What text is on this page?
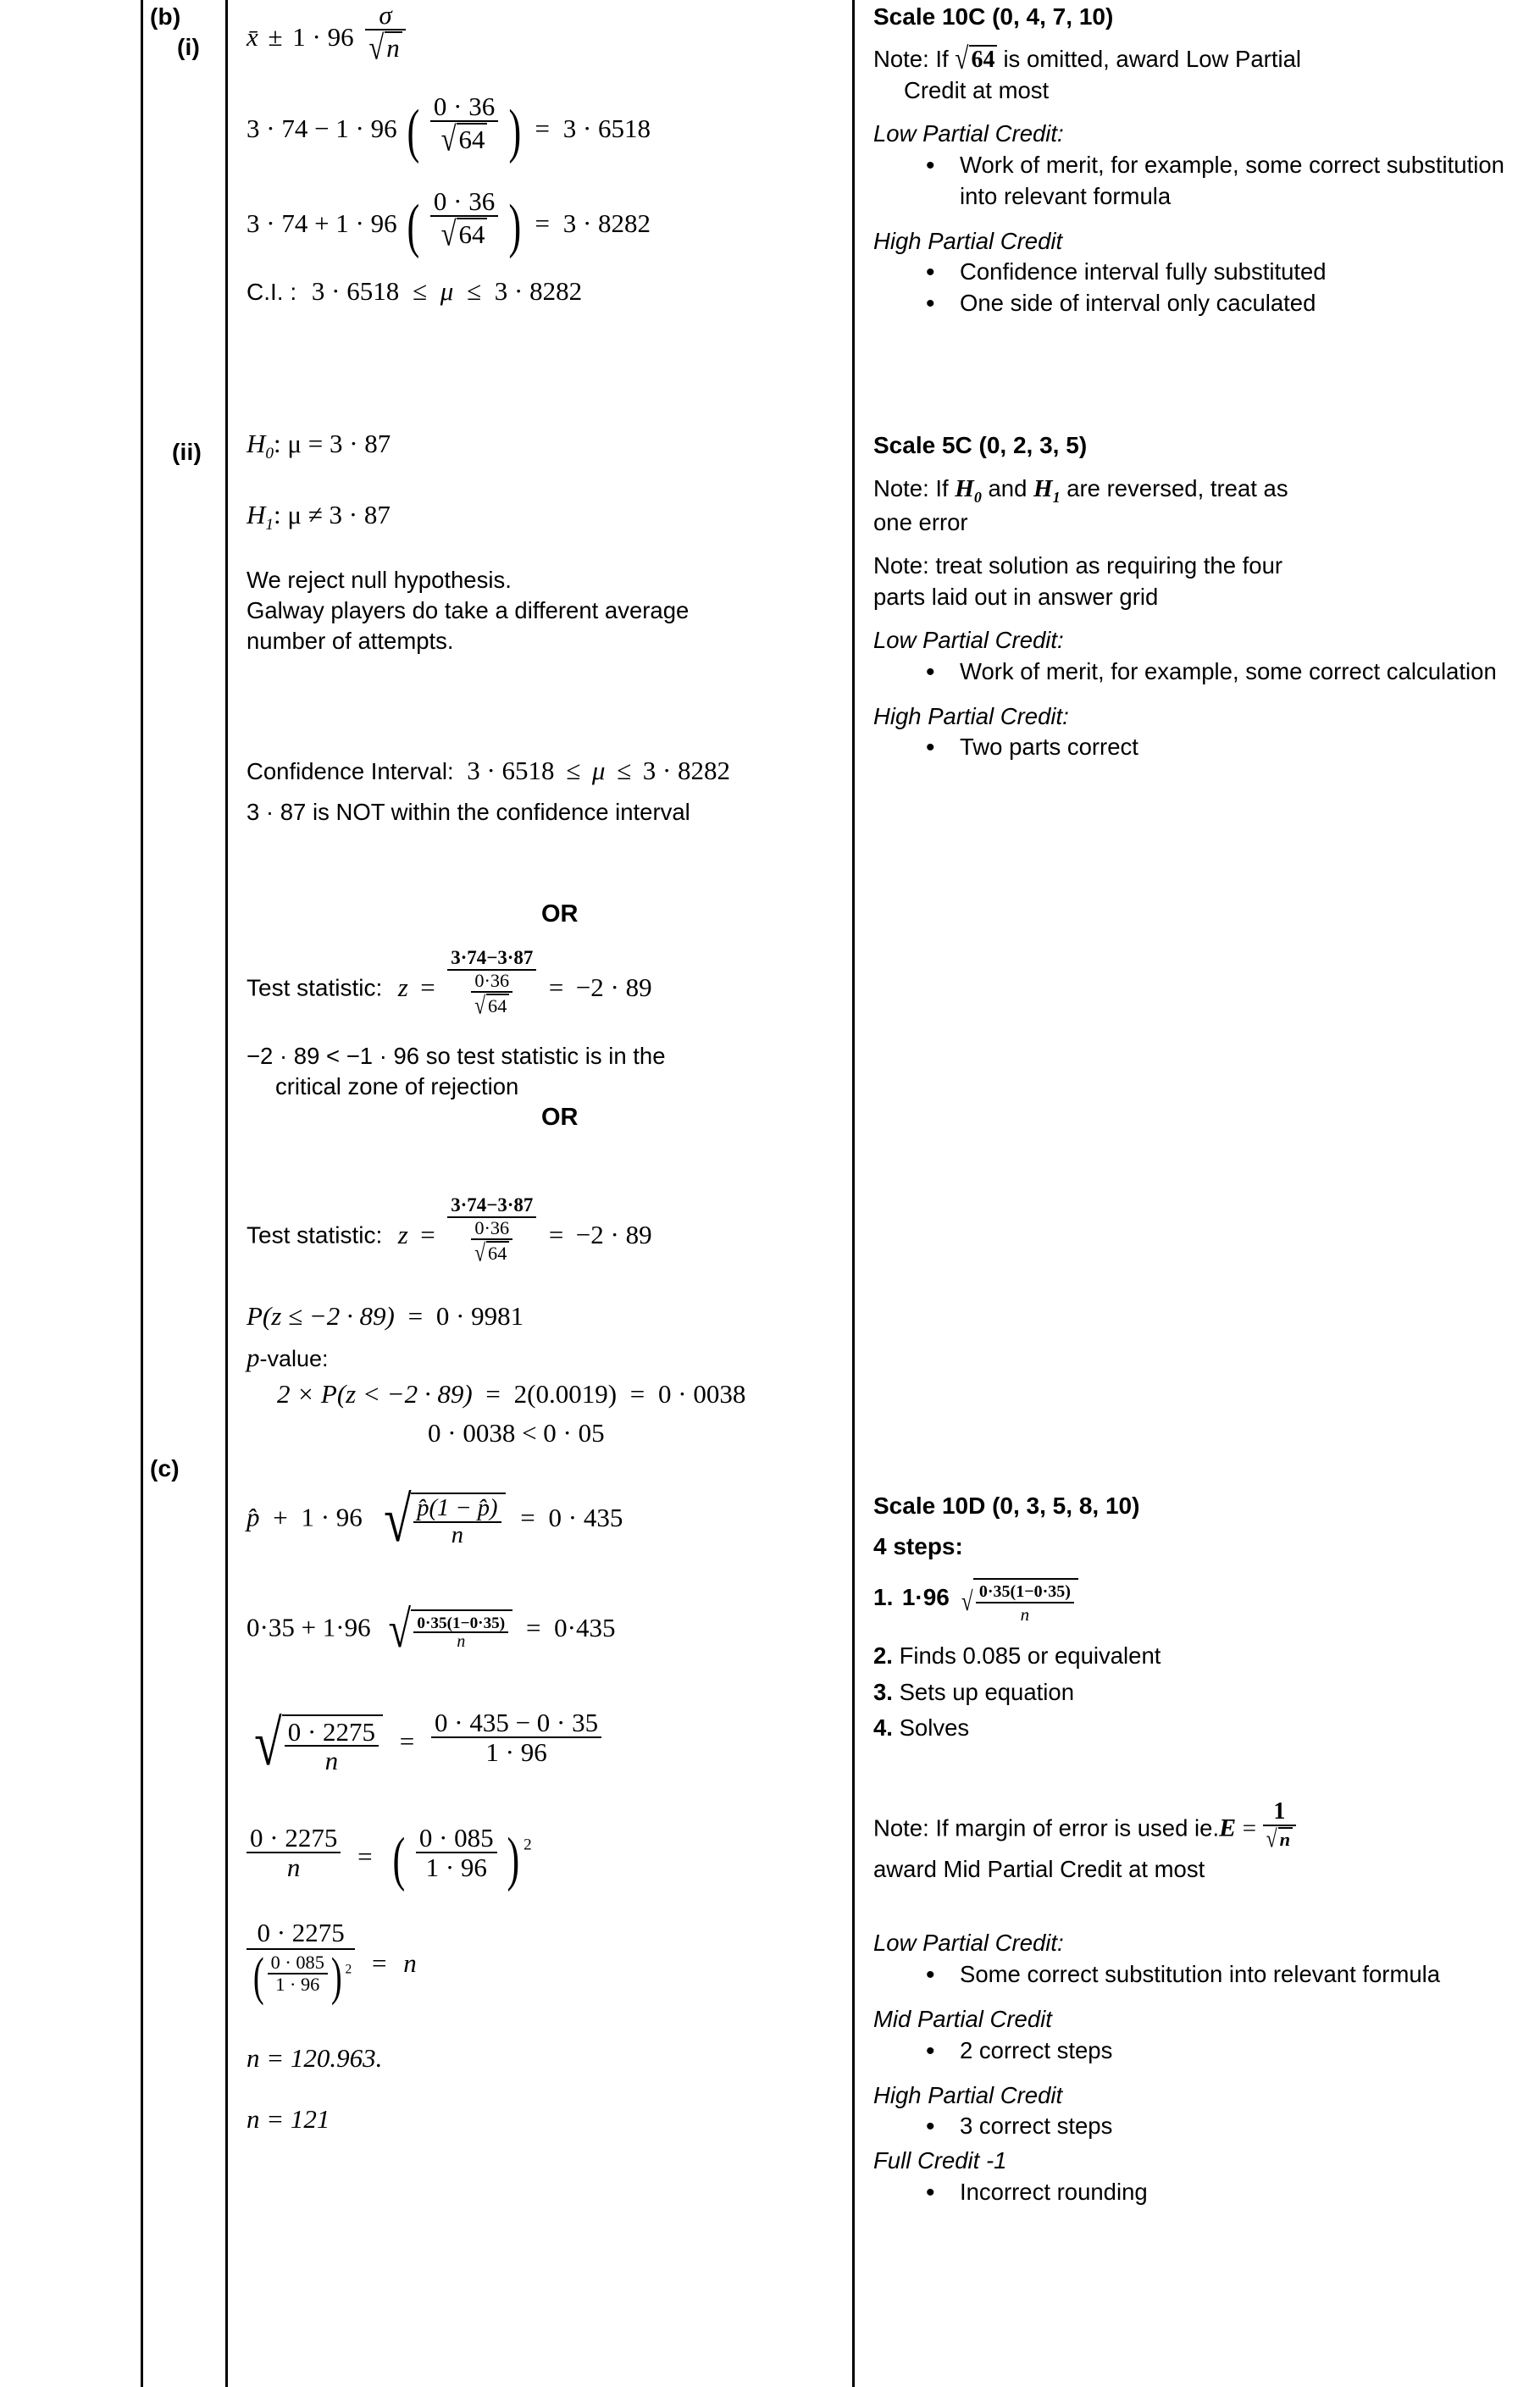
(b)
(i)
(ii)
(c)
x̄ ± $1 \cdot 96 \frac{\sigma}{√n}$
3 · 74 − 1 · 96 ( $\frac{0 \cdot 36}{√64}$ ) = 3 · 6518
3 · 74 + 1 · 96 ( $\frac{0 \cdot 36}{√64}$ ) = 3 · 8282
C.I. : 3 · 6518 ≤ μ ≤ 3 · 8282
$H_0$: μ = 3 · 87
$H_1$: μ ≠ 3 · 87
We reject null hypothesis.
Galway players do take a different average
number of attempts.
Confidence Interval: 3 · 6518 ≤ μ ≤ 3 · 8282
3 · 87 is NOT within the confidence interval
OR
Test statistic: z =
3·74−3·87
$\frac{0\cdot 36}{√ 64} = -2 \cdot 89$
−2 · 89 < −1 · 96 so test statistic is in the
critical zone of rejection
OR
Test statistic: z =
3·74−3·87
$\frac{0\cdot 36}{√ 64} = -2 \cdot 89$
P(z ≤ −2 · 89) = 0 · 9981
p-value:
2 × P(z < −2 · 89) = 2(0.0019) = 0 · 0038
0 · 0038 < 0 · 05
p̂ + 1 · 96 √ $\frac{p̂(1 - p̂)}{n} = 0 \cdot 435$
0·35 + 1·96 √ $\frac{0\cdot 35(1-0\cdot 35)}{n} = 0\cdot 435$
√ $\frac{0 \cdot 2275}{n} = \frac{0 \cdot 435 - 0 \cdot 35}{1 \cdot 96}$
$\frac{0 \cdot 2275}{n}$ = ( $\frac{0 \cdot 085}{1 \cdot 96}$ ) $^2$
$\frac{0 \cdot 2275}{( \frac{0 \cdot 085}{1 \cdot 96} ) ^2} = n$
n = 120.963.
n = 121
Scale 10C (0, 4, 7, 10)
Note: If √ 64 is omitted, award Low Partial
Credit at most
Low Partial Credit:
• Work of merit, for example, some correct substitution into relevant formula
High Partial Credit
• Confidence interval fully substituted
• One side of interval only caculated
Scale 5C (0, 2, 3, 5)
Note: If $H_0$ and $H_1$ are reversed, treat as
one error
Note: treat solution as requiring the four
parts laid out in answer grid
Low Partial Credit:
• Work of merit, for example, some correct calculation
High Partial Credit:
• Two parts correct
Scale 10D (0, 3, 5, 8, 10)
4 steps:
1. 1·96 √ $\frac{0\cdot 35(1-0\cdot 35)}{n}$
2. Finds 0.085 or equivalent
3. Sets up equation
4. Solves
Note: If margin of error is used $ie.E = \frac{1}{√ n}$
award Mid Partial Credit at most
Low Partial Credit:
• Some correct substitution into relevant formula
Mid Partial Credit
• 2 correct steps
High Partial Credit
• 3 correct steps
Full Credit -1
• Incorrect rounding
